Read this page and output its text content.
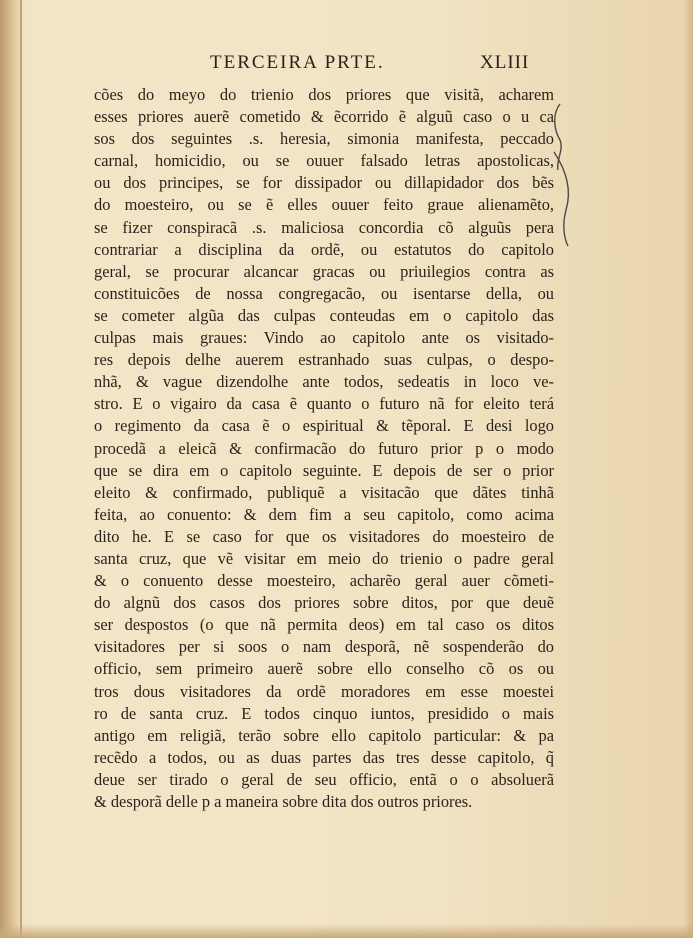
TERCEIRA PRTE.	XLIII
cões do meyo do trienio dos priores que visitã, acharem
esses priores auerẽ cometido & ẽcorrido ẽ alguũ caso o u ca
sos dos seguintes .s. heresia, simonia manifesta, peccado
carnal, homicidio, ou se ouuer falsado letras apostolicas,
ou dos principes, se for dissipador ou dillapidador dos bẽs
do moesteiro, ou se ẽ elles ouuer feito graue alienamẽto,
se fizer conspiracã .s. maliciosa concordia cõ alguũs pera
contrariar a disciplina da ordẽ, ou estatutos do capitolo
geral, se procurar alcancar gracas ou priuilegios contra as
constituicões de nossa congregacão, ou isentarse della, ou
se cometer algũa das culpas conteudas em o capitolo das
culpas mais graues: Vindo ao capitolo ante os visitado-
res depois delhe auerem estranhado suas culpas, o despo-
nhã, & vague dizendolhe ante todos, sedeatis in loco ve-
stro. E o vigairo da casa ẽ quanto o futuro nã for eleito terá
o regimento da casa ẽ o espiritual & tẽporal. E desi logo
procedã a eleicã & confirmacão do futuro prior p o modo
que se dira em o capitolo seguinte. E depois de ser o prior
eleito & confirmado, publiquẽ a visitacão que dãtes tinhã
feita, ao conuento: & dem fim a seu capitolo, como acima
dito he. E se caso for que os visitadores do moesteiro de
santa cruz, que vẽ visitar em meio do trienio o padre geral
& o conuento desse moesteiro, acharẽo geral auer cõmeti-
do algnũ dos casos dos priores sobre ditos, por que deuẽ
ser despostos (o que nã permita deos) em tal caso os ditos
visitadores per si soos o nam desporã, nẽ sospenderão do
officio, sem primeiro auerẽ sobre ello conselho cõ os ou
tros dous visitadores da ordẽ moradores em esse moestei
ro de santa cruz. E todos cinquo iuntos, presidido o mais
antigo em religiã, terão sobre ello capitolo particular: & pa
recẽdo a todos, ou as duas partes das tres desse capitolo, q̃
deue ser tirado o geral de seu officio, entã o o absoluerã
& desporã delle p a maneira sobre dita dos outros priores.
